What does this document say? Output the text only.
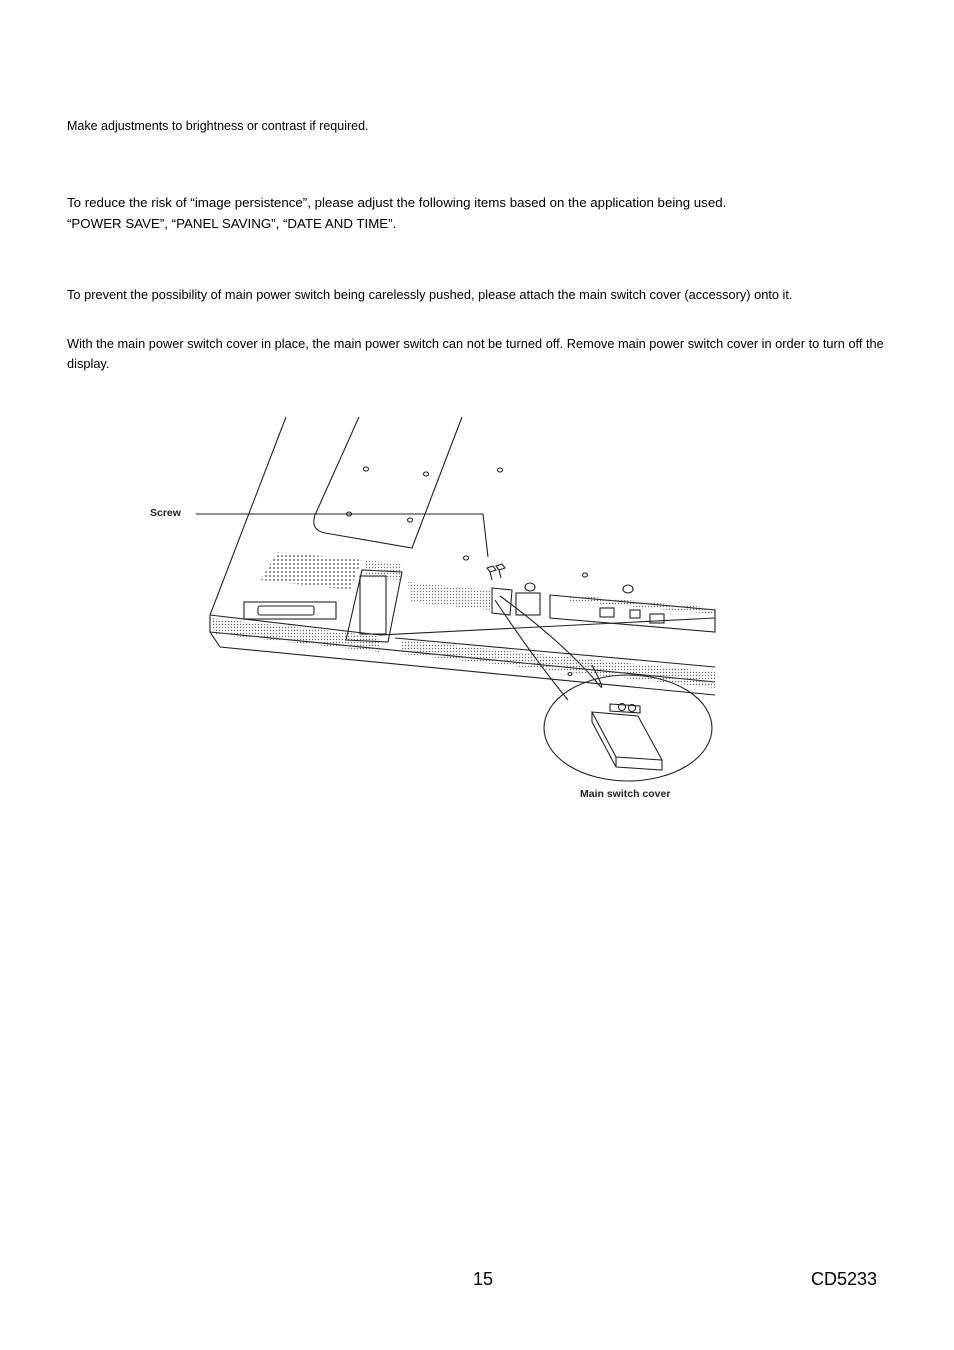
Make adjustments to brightness or contrast if required.

To reduce the risk of “image persistence”, please adjust the following items based on the application being used.
“POWER SAVE”, “PANEL SAVING”, “DATE AND TIME”.

To prevent the possibility of main power switch being carelessly pushed, please attach the main switch cover (accessory) onto it.

With the main power switch cover in place, the main power switch can not be turned off. Remove main power switch cover in order to turn off the display.

Screw
Main switch cover
15	CD5233
